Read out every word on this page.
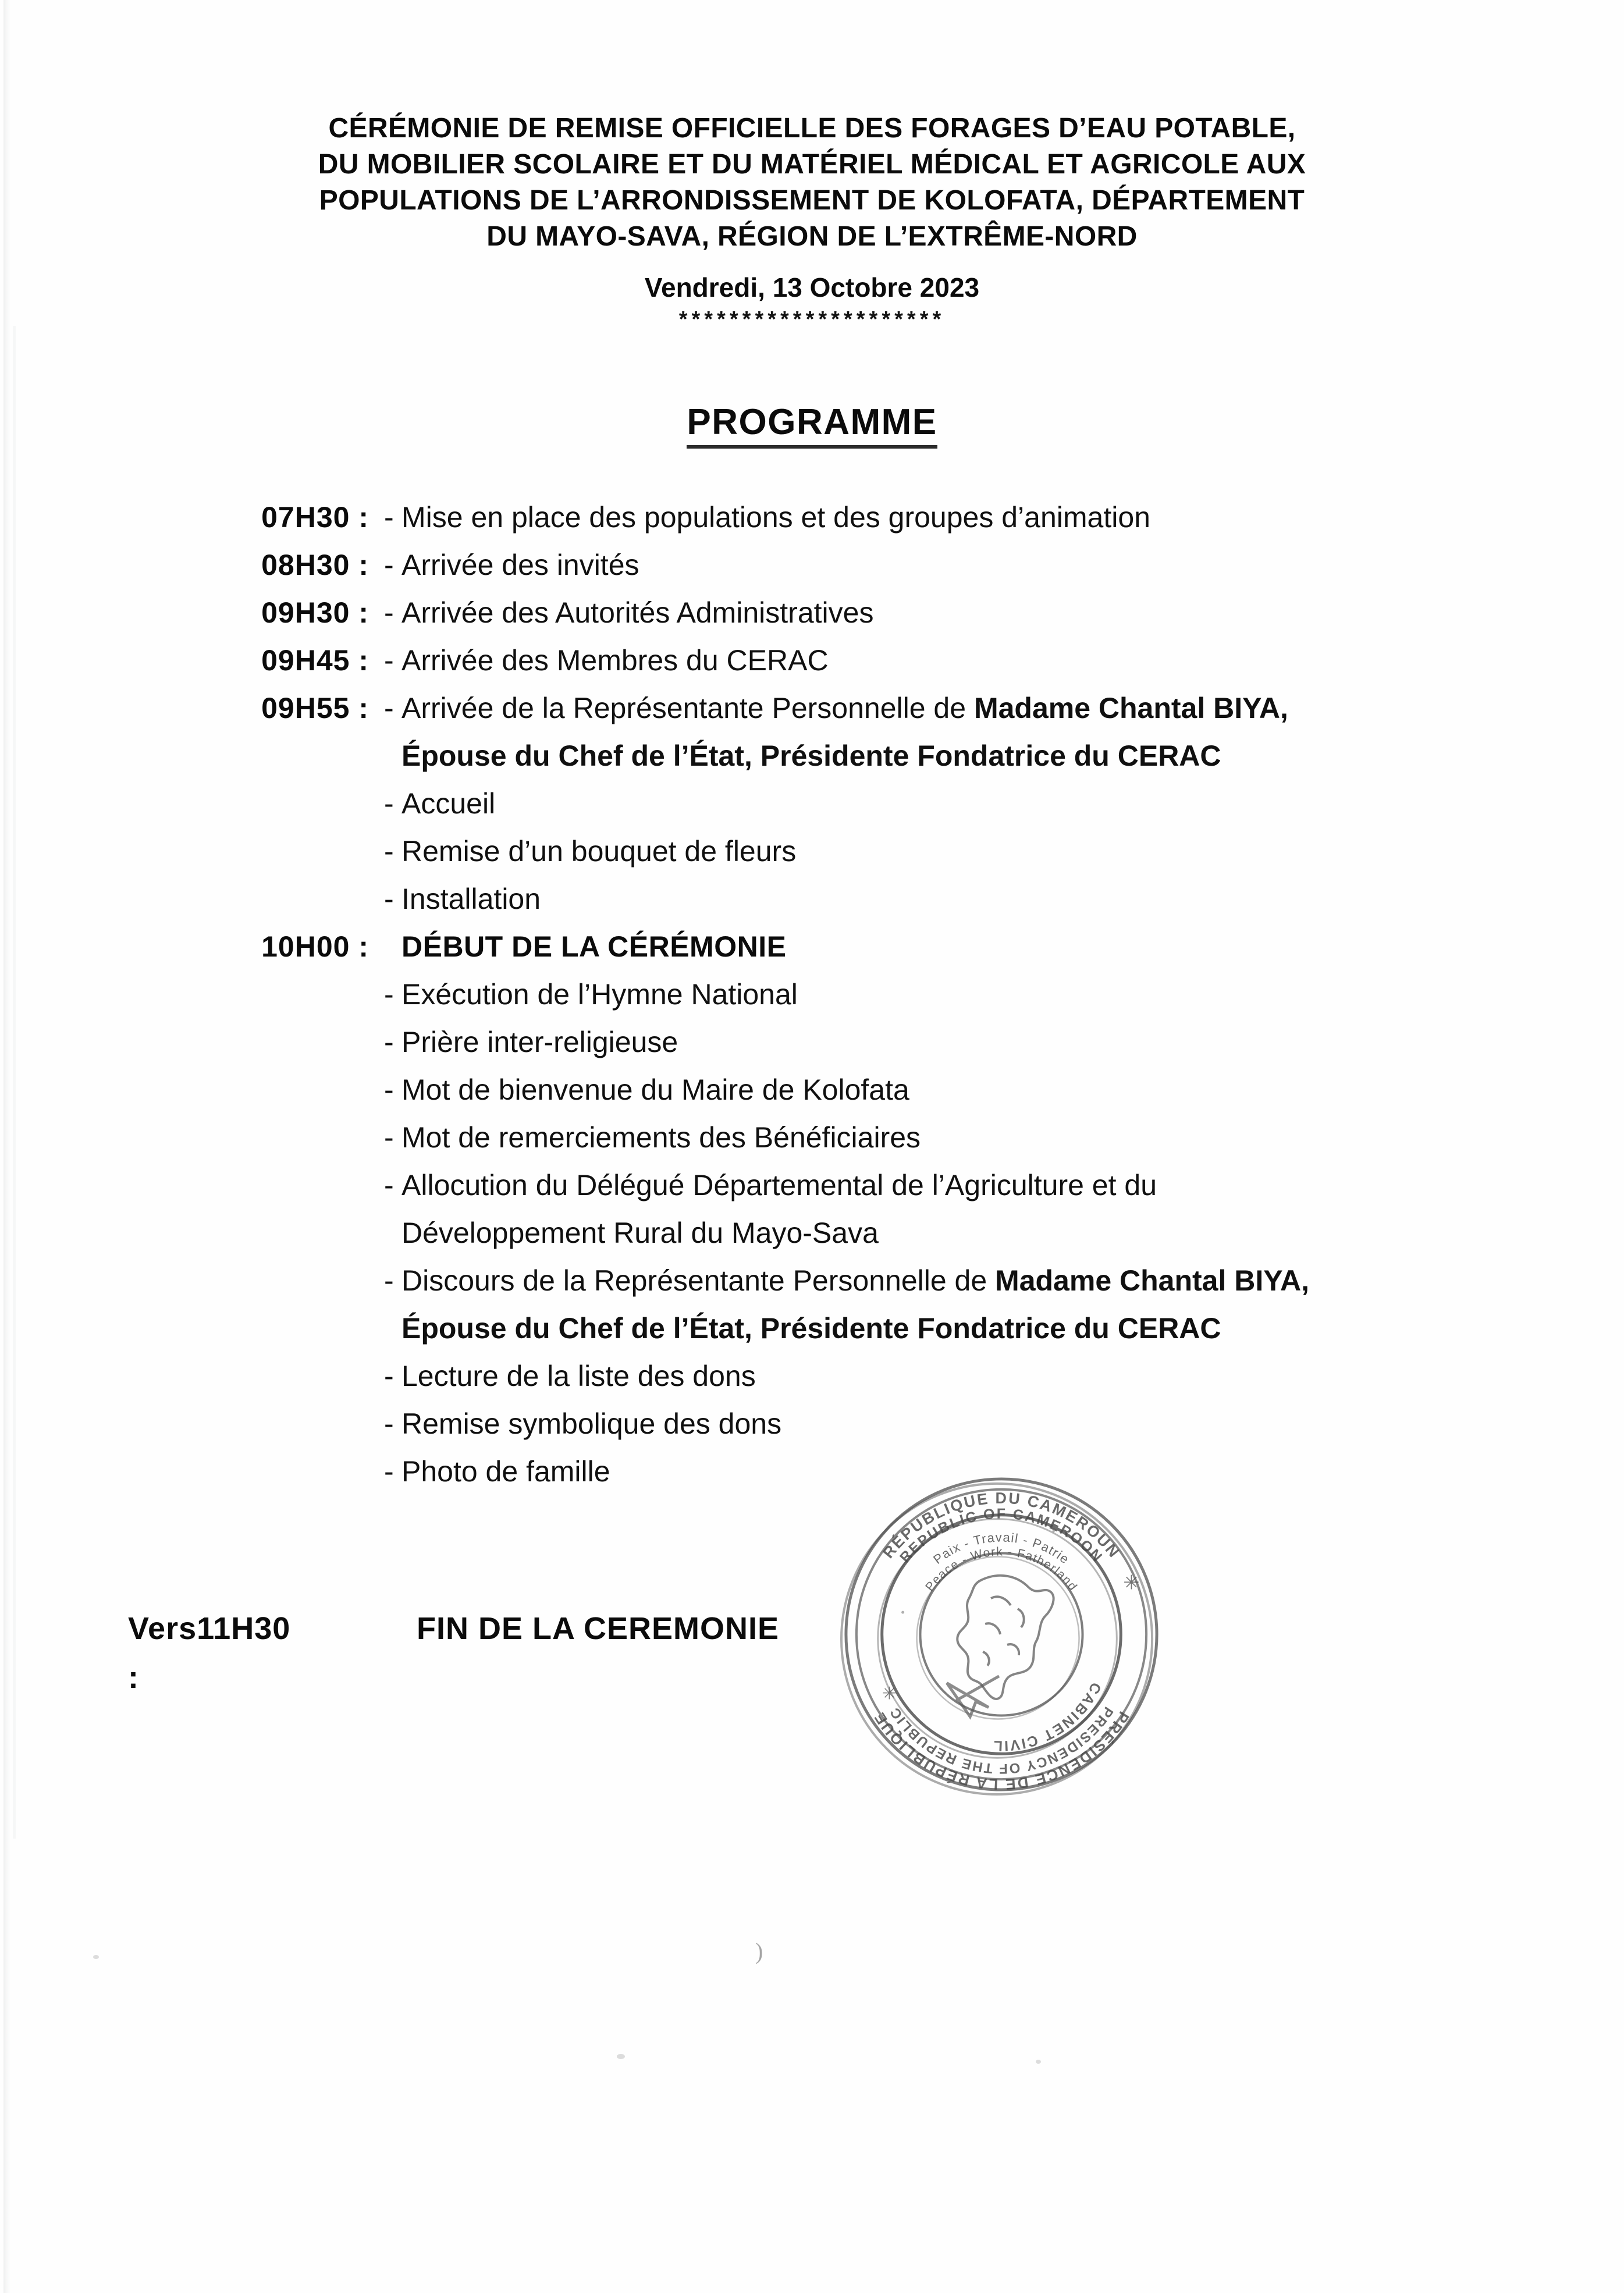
)
CÉRÉMONIE DE REMISE OFFICIELLE DES FORAGES D’EAU POTABLE,
DU MOBILIER SCOLAIRE ET DU MATÉRIEL MÉDICAL ET AGRICOLE AUX
POPULATIONS DE L’ARRONDISSEMENT DE KOLOFATA, DÉPARTEMENT
DU MAYO-SAVA, RÉGION DE L’EXTRÊME-NORD
Vendredi, 13 Octobre 2023
*********************
PROGRAMME
07H30 : - Mise en place des populations et des groupes d’animation
08H30 : - Arrivée des invités
09H30 : - Arrivée des Autorités Administratives
09H45 : - Arrivée des Membres du CERAC
09H55 : - Arrivée de la Représentante Personnelle de Madame Chantal BIYA, Épouse du Chef de l’État, Présidente Fondatrice du CERAC
- Accueil
- Remise d’un bouquet de fleurs
- Installation
10H00 :	DÉBUT DE LA CÉRÉMONIE
- Exécution de l’Hymne National
- Prière inter-religieuse
- Mot de bienvenue du Maire de Kolofata
- Mot de remerciements des Bénéficiaires
- Allocution du Délégué Départemental de l’Agriculture et du Développement Rural du Mayo-Sava
- Discours de la Représentante Personnelle de Madame Chantal BIYA, Épouse du Chef de l’État, Présidente Fondatrice du CERAC
- Lecture de la liste des dons
- Remise symbolique des dons
- Photo de famille
Vers11H30	FIN DE LA CEREMONIE
:
RÉPUBLIQUE DU CAMEROUN
REPUBLIC OF CAMEROON
Paix - Travail - Patrie
Peace - Work - Fatherland
PRÉSIDENCE DE LA RÉPUBLIQUE	PRESIDENCY OF THE REPUBLIC
CABINET CIVIL
✳
✳
